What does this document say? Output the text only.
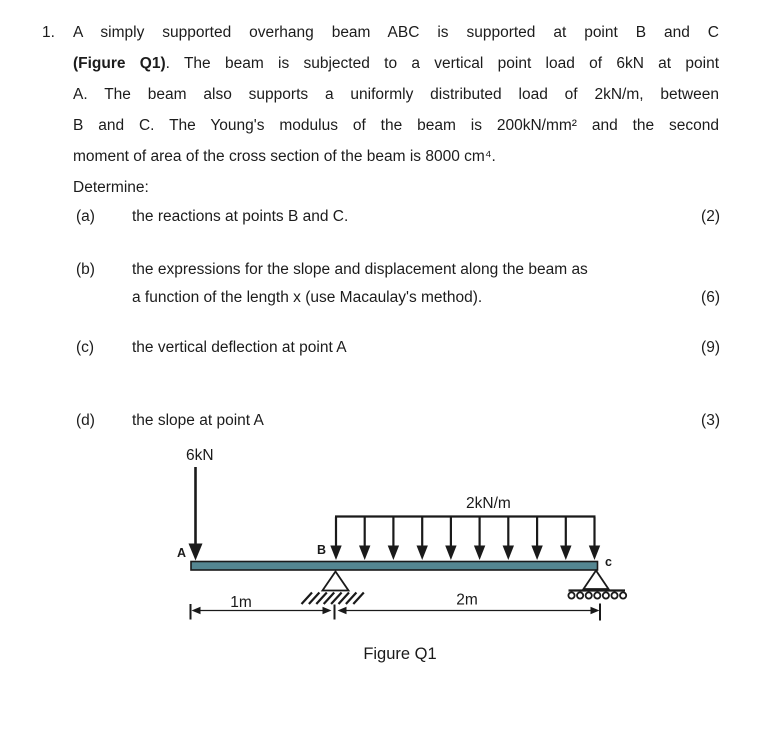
1. A simply supported overhang beam ABC is supported at point B and C
(Figure Q1). The beam is subjected to a vertical point load of 6kN at point
A. The beam also supports a uniformly distributed load of 2kN/m, between
B and C. The Young's modulus of the beam is 200kN/mm² and the second
moment of area of the cross section of the beam is 8000 cm⁴.
Determine:
(a) the reactions at points B and C.	(2)
(b) the expressions for the slope and displacement along the beam as
a function of the length x (use Macaulay's method).	(6)
(c) the vertical deflection at point A	(9)
(d) the slope at point A	(3)
6kN
A	B
c
2kN/m
1m	2m
Figure Q1
